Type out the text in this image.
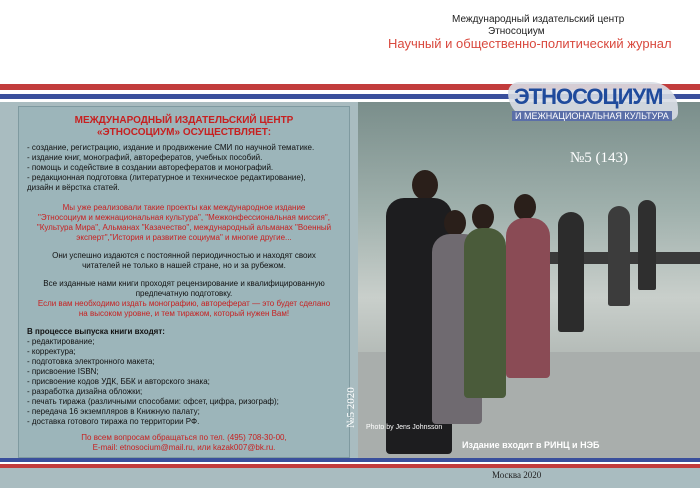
Международный издательский центр
Этносоциум
Научный и общественно-политический журнал

МЕЖДУНАРОДНЫЙ ИЗДАТЕЛЬСКИЙ ЦЕНТР

«ЭТНОСОЦИУМ» ОСУЩЕСТВЛЯЕТ:

- создание, регистрацию, издание и продвижение СМИ по научной тематике.

- издание книг, монографий, авторефератов, учебных пособий.

- помощь и содействие в создании авторефератов и монографий.

- редакционная подготовка (литературное и техническое редактирование),

дизайн и вёрстка статей.

Мы уже реализовали такие проекты как международное издание

"Этносоциум и межнациональная культура", "Межконфессиональная миссия",

"Культура Мира", Альманах "Казачество", международный альманах "Военный

эксперт","История и развитие социума" и многие другие...

Они успешно издаются с постоянной периодичностью и находят своих

читателей не только в нашей стране, но и за рубежом.

Все изданные нами книги проходят рецензирование и квалифицированную

предпечатную подготовку.

Если вам необходимо издать монографию, автореферат — это будет сделано

на высоком уровне, и тем тиражом, который нужен Вам!

В процессе выпуска книги входят:

- редактирование;

- корректура;

- подготовка электронного макета;

- присвоение ISBN;

- присвоение кодов УДК, ББК и авторского знака;

- разработка дизайна обложки;

- печать тиража (различными способами: офсет, цифра, ризограф);

- передача 16 экземпляров в Книжную палату;

- доставка готового тиража по территории РФ.

По всем вопросам обращаться по тел. (495) 708-30-00,

E-mail: etnosocium@mail.ru, или kazak007@bk.ru.

ЭТНОСОЦИУМ
И МЕЖНАЦИОНАЛЬНАЯ КУЛЬТУРА
№5 (143)
№5 2020 Photo by Jens Johnsson
Издание входит в РИНЦ и НЭБ
Москва 2020
